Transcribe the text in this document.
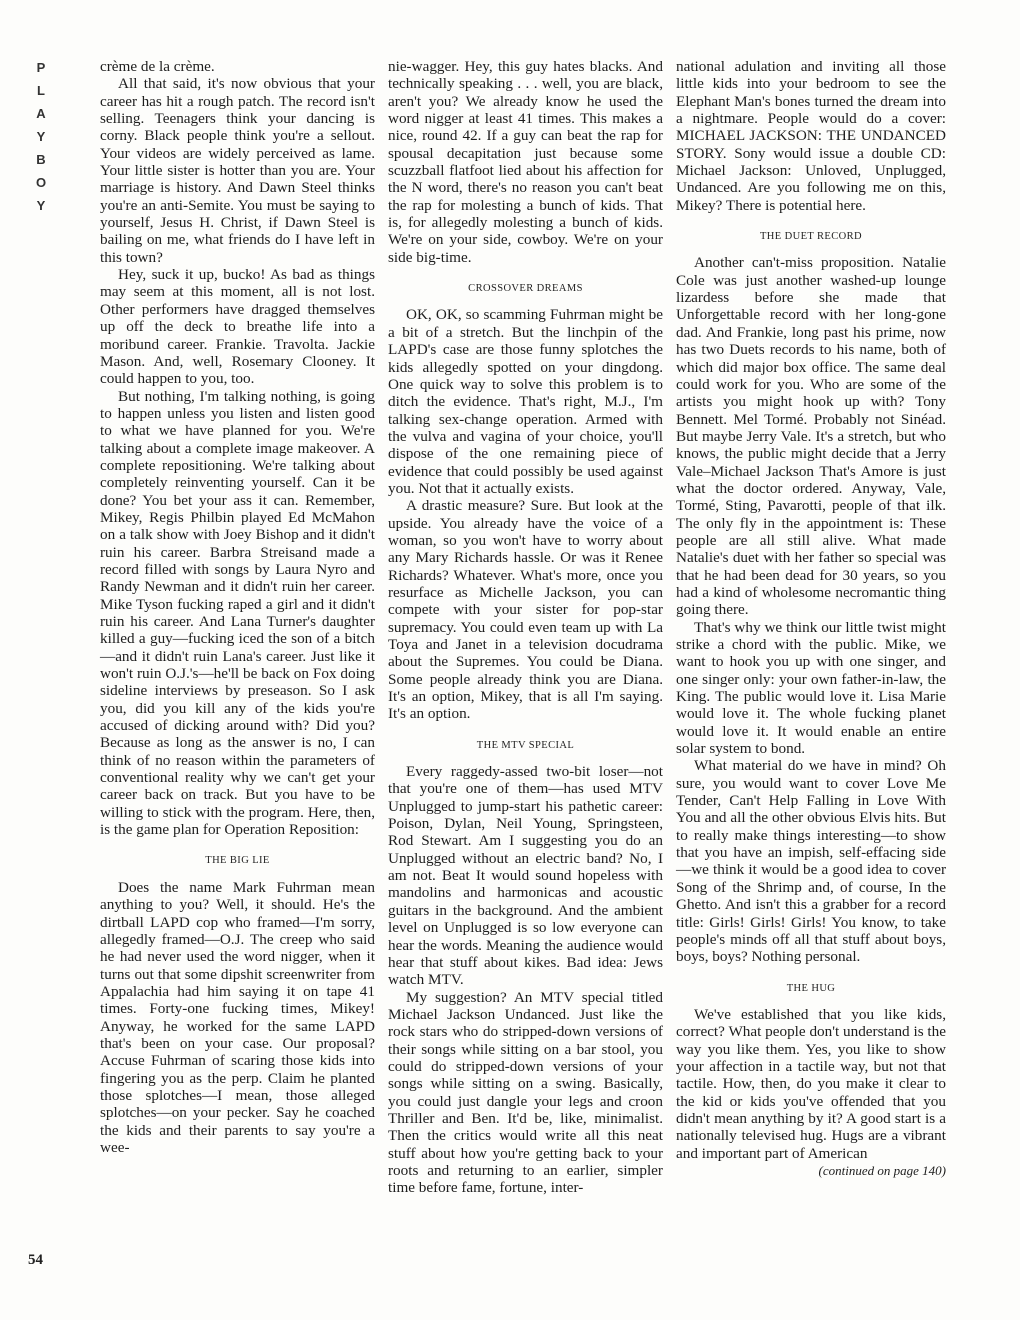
P
L
A
Y
B
O
Y
54

crème de la crème.

All that said, it's now obvious that your career has hit a rough patch. The record isn't selling. Teenagers think your dancing is corny. Black people think you're a sellout. Your videos are widely perceived as lame. Your little sister is hotter than you are. Your marriage is history. And Dawn Steel thinks you're an anti-Semite. You must be saying to yourself, Jesus H. Christ, if Dawn Steel is bailing on me, what friends do I have left in this town?

Hey, suck it up, bucko! As bad as things may seem at this moment, all is not lost. Other performers have dragged themselves up off the deck to breathe life into a moribund career. Frankie. Travolta. Jackie Mason. And, well, Rosemary Clooney. It could happen to you, too.

But nothing, I'm talking nothing, is going to happen unless you listen and listen good to what we have planned for you. We're talking about a complete image makeover. A complete repositioning. We're talking about completely reinventing yourself. Can it be done? You bet your ass it can. Remember, Mikey, Regis Philbin played Ed McMahon on a talk show with Joey Bishop and it didn't ruin his career. Barbra Streisand made a record filled with songs by Laura Nyro and Randy Newman and it didn't ruin her career. Mike Tyson fucking raped a girl and it didn't ruin his career. And Lana Turner's daughter killed a guy—fucking iced the son of a bitch—and it didn't ruin Lana's career. Just like it won't ruin O.J.'s—he'll be back on Fox doing sideline interviews by preseason. So I ask you, did you kill any of the kids you're accused of dicking around with? Did you? Because as long as the answer is no, I can think of no reason within the parameters of conventional reality why we can't get your career back on track. But you have to be willing to stick with the program. Here, then, is the game plan for Operation Reposition:

THE BIG LIE

Does the name Mark Fuhrman mean anything to you? Well, it should. He's the dirtball LAPD cop who framed—I'm sorry, allegedly framed—O.J. The creep who said he had never used the word nigger, when it turns out that some dipshit screenwriter from Appalachia had him saying it on tape 41 times. Forty-one fucking times, Mikey! Anyway, he worked for the same LAPD that's been on your case. Our proposal? Accuse Fuhrman of scaring those kids into fingering you as the perp. Claim he planted those splotches—I mean, those alleged splotches—on your pecker. Say he coached the kids and their parents to say you're a wee-

nie-wagger. Hey, this guy hates blacks. And technically speaking . . . well, you are black, aren't you? We already know he used the word nigger at least 41 times. This makes a nice, round 42. If a guy can beat the rap for spousal decapitation just because some scuzzball flatfoot lied about his affection for the N word, there's no reason you can't beat the rap for molesting a bunch of kids. That is, for allegedly molesting a bunch of kids. We're on your side, cowboy. We're on your side big-time.

CROSSOVER DREAMS

OK, OK, so scamming Fuhrman might be a bit of a stretch. But the linchpin of the LAPD's case are those funny splotches the kids allegedly spotted on your dingdong. One quick way to solve this problem is to ditch the evidence. That's right, M.J., I'm talking sex-change operation. Armed with the vulva and vagina of your choice, you'll dispose of the one remaining piece of evidence that could possibly be used against you. Not that it actually exists.

A drastic measure? Sure. But look at the upside. You already have the voice of a woman, so you won't have to worry about any Mary Richards hassle. Or was it Renee Richards? Whatever. What's more, once you resurface as Michelle Jackson, you can compete with your sister for pop-star supremacy. You could even team up with La Toya and Janet in a television docudrama about the Supremes. You could be Diana. Some people already think you are Diana. It's an option, Mikey, that is all I'm saying. It's an option.

THE MTV SPECIAL

Every raggedy-assed two-bit loser—not that you're one of them—has used MTV Unplugged to jump-start his pathetic career: Poison, Dylan, Neil Young, Springsteen, Rod Stewart. Am I suggesting you do an Unplugged without an electric band? No, I am not. Beat It would sound hopeless with mandolins and harmonicas and acoustic guitars in the background. And the ambient level on Unplugged is so low everyone can hear the words. Meaning the audience would hear that stuff about kikes. Bad idea: Jews watch MTV.

My suggestion? An MTV special titled Michael Jackson Undanced. Just like the rock stars who do stripped-down versions of their songs while sitting on a bar stool, you could do stripped-down versions of your songs while sitting on a swing. Basically, you could just dangle your legs and croon Thriller and Ben. It'd be, like, minimalist. Then the critics would write all this neat stuff about how you're getting back to your roots and returning to an earlier, simpler time before fame, fortune, inter-

national adulation and inviting all those little kids into your bedroom to see the Elephant Man's bones turned the dream into a nightmare. People would do a cover: MICHAEL JACKSON: THE UNDANCED STORY. Sony would issue a double CD: Michael Jackson: Unloved, Unplugged, Undanced. Are you following me on this, Mikey? There is potential here.

THE DUET RECORD

Another can't-miss proposition. Natalie Cole was just another washed-up lounge lizardess before she made that Unforgettable record with her long-gone dad. And Frankie, long past his prime, now has two Duets records to his name, both of which did major box office. The same deal could work for you. Who are some of the artists you might hook up with? Tony Bennett. Mel Tormé. Probably not Sinéad. But maybe Jerry Vale. It's a stretch, but who knows, the public might decide that a Jerry Vale–Michael Jackson That's Amore is just what the doctor ordered. Anyway, Vale, Tormé, Sting, Pavarotti, people of that ilk. The only fly in the appointment is: These people are all still alive. What made Natalie's duet with her father so special was that he had been dead for 30 years, so you had a kind of wholesome necromantic thing going there.

That's why we think our little twist might strike a chord with the public. Mike, we want to hook you up with one singer, and one singer only: your own father-in-law, the King. The public would love it. Lisa Marie would love it. The whole fucking planet would love it. It would enable an entire solar system to bond.

What material do we have in mind? Oh sure, you would want to cover Love Me Tender, Can't Help Falling in Love With You and all the other obvious Elvis hits. But to really make things interesting—to show that you have an impish, self-effacing side—we think it would be a good idea to cover Song of the Shrimp and, of course, In the Ghetto. And isn't this a grabber for a record title: Girls! Girls! Girls! You know, to take people's minds off all that stuff about boys, boys, boys? Nothing personal.

THE HUG

We've established that you like kids, correct? What people don't understand is the way you like them. Yes, you like to show your affection in a tactile way, but not that tactile. How, then, do you make it clear to the kid or kids you've offended that you didn't mean anything by it? A good start is a nationally televised hug. Hugs are a vibrant and important part of American

(continued on page 140)
